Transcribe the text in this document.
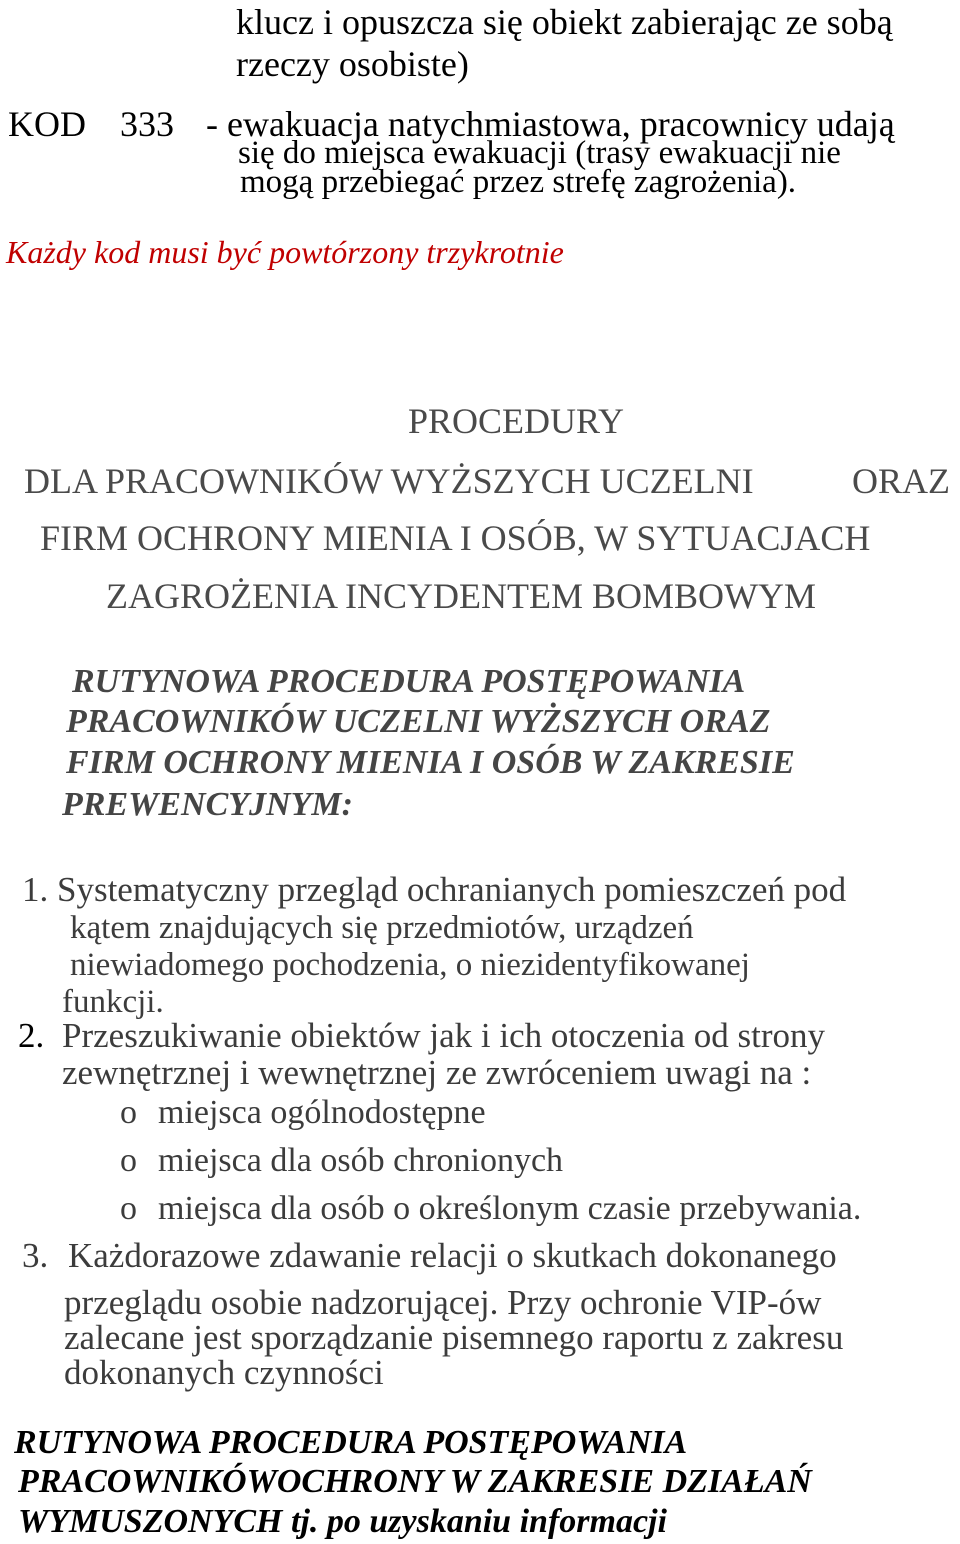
klucz i opuszcza się obiekt zabierając ze sobą

rzeczy osobiste)

KOD 333 - ewakuacja natychmiastowa, pracownicy udają

się do miejsca ewakuacji (trasy ewakuacji nie

mogą przebiegać przez strefę zagrożenia).

Każdy kod musi być powtórzony trzykrotnie

PROCEDURY

DLA PRACOWNIKÓW WYŻSZYCH UCZELNI	ORAZ

FIRM OCHRONY MIENIA I OSÓB, W SYTUACJACH

ZAGROŻENIA INCYDENTEM BOMBOWYM

RUTYNOWA PROCEDURA POSTĘPOWANIA

PRACOWNIKÓW UCZELNI WYŻSZYCH ORAZ

FIRM OCHRONY MIENIA I OSÓB W ZAKRESIE

PREWENCYJNYM:

1. Systematyczny przegląd ochranianych pomieszczeń pod

kątem znajdujących się przedmiotów, urządzeń

niewiadomego pochodzenia, o niezidentyfikowanej

funkcji.

2. Przeszukiwanie obiektów jak i ich otoczenia od strony

zewnętrznej i wewnętrznej ze zwróceniem uwagi na :

o miejsca ogólnodostępne

o miejsca dla osób chronionych

o miejsca dla osób o określonym czasie przebywania.

3. Każdorazowe zdawanie relacji o skutkach dokonanego

przeglądu osobie nadzorującej. Przy ochronie VIP-ów

zalecane jest sporządzanie pisemnego raportu z zakresu

dokonanych czynności

RUTYNOWA PROCEDURA POSTĘPOWANIA

PRACOWNIKÓWOCHRONY W ZAKRESIE DZIAŁAŃ

WYMUSZONYCH tj. po uzyskaniu informacji
